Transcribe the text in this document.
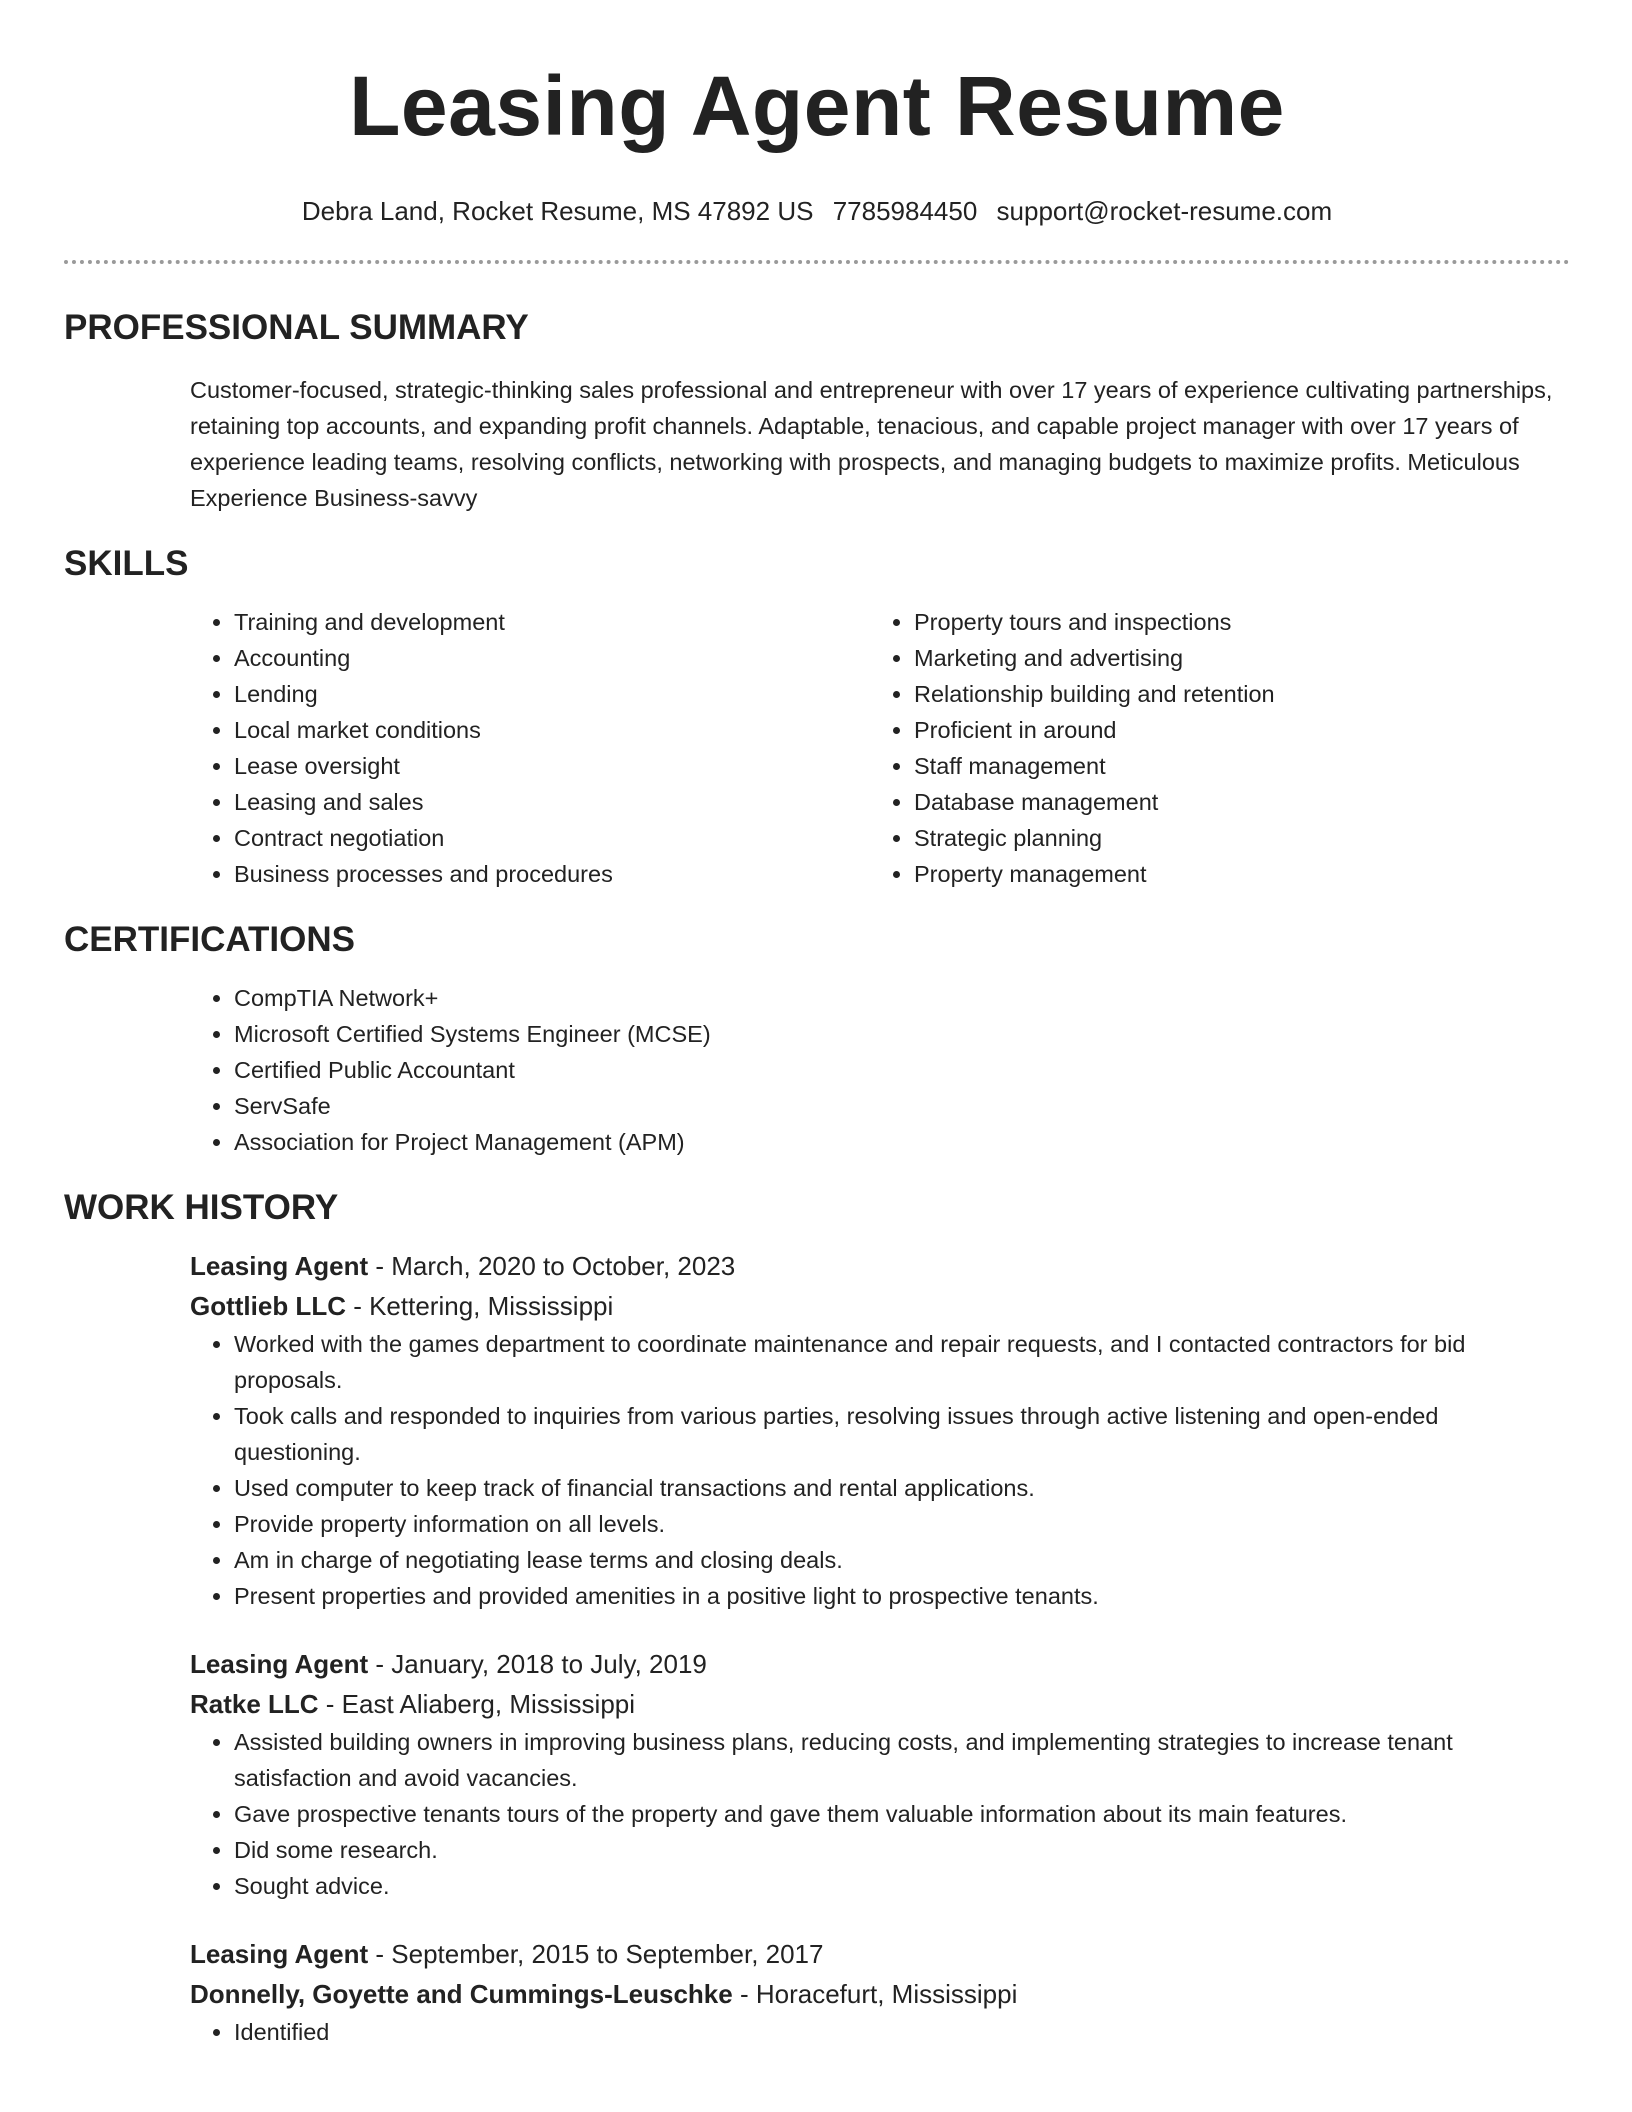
Leasing Agent Resume
Debra Land, Rocket Resume, MS 47892 US 7785984450 support@rocket-resume.com
PROFESSIONAL SUMMARY
Customer-focused, strategic-thinking sales professional and entrepreneur with over 17 years of experience cultivating partnerships, retaining top accounts, and expanding profit channels. Adaptable, tenacious, and capable project manager with over 17 years of experience leading teams, resolving conflicts, networking with prospects, and managing budgets to maximize profits. Meticulous Experience Business-savvy
SKILLS
• Training and development
• Accounting
• Lending
• Local market conditions
• Lease oversight
• Leasing and sales
• Contract negotiation
• Business processes and procedures
• Property tours and inspections
• Marketing and advertising
• Relationship building and retention
• Proficient in around
• Staff management
• Database management
• Strategic planning
• Property management
CERTIFICATIONS
• CompTIA Network+
• Microsoft Certified Systems Engineer (MCSE)
• Certified Public Accountant
• ServSafe
• Association for Project Management (APM)
WORK HISTORY
Leasing Agent - March, 2020 to October, 2023
Gottlieb LLC - Kettering, Mississippi
• Worked with the games department to coordinate maintenance and repair requests, and I contacted contractors for bid proposals.
• Took calls and responded to inquiries from various parties, resolving issues through active listening and open-ended questioning.
• Used computer to keep track of financial transactions and rental applications.
• Provide property information on all levels.
• Am in charge of negotiating lease terms and closing deals.
• Present properties and provided amenities in a positive light to prospective tenants.
Leasing Agent - January, 2018 to July, 2019
Ratke LLC - East Aliaberg, Mississippi
• Assisted building owners in improving business plans, reducing costs, and implementing strategies to increase tenant satisfaction and avoid vacancies.
• Gave prospective tenants tours of the property and gave them valuable information about its main features.
• Did some research.
• Sought advice.
Leasing Agent - September, 2015 to September, 2017
Donnelly, Goyette and Cummings-Leuschke - Horacefurt, Mississippi
• Identified
